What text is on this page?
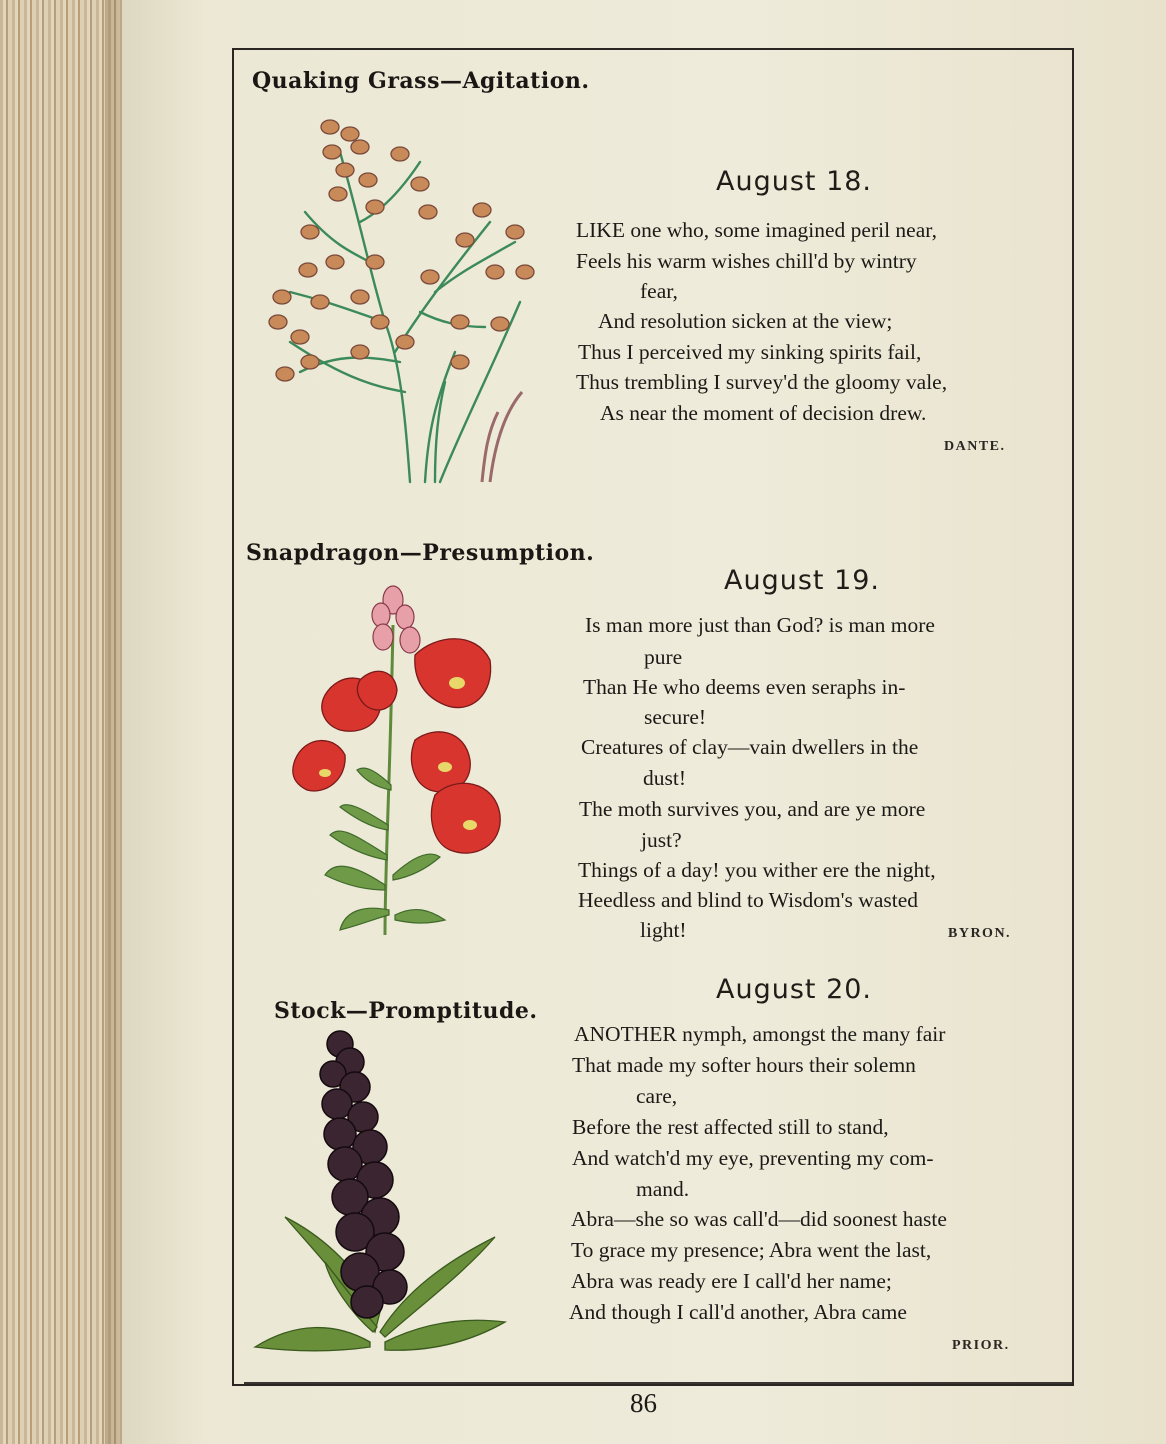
Quaking Grass—Agitation.
August 18.
LIKE one who, some imagined peril near,
Feels his warm wishes chill'd by wintry
fear,
And resolution sicken at the view;
Thus I perceived my sinking spirits fail,
Thus trembling I survey'd the gloomy vale,
As near the moment of decision drew.
DANTE.
Snapdragon—Presumption.
August 19.
Is man more just than God? is man more
pure
Than He who deems even seraphs in-
secure!
Creatures of clay—vain dwellers in the
dust!
The moth survives you, and are ye more
just?
Things of a day! you wither ere the night,
Heedless and blind to Wisdom's wasted
light!	BYRON.
Stock—Promptitude.
August 20.
ANOTHER nymph, amongst the many fair
That made my softer hours their solemn
care,
Before the rest affected still to stand,
And watch'd my eye, preventing my com-
mand.
Abra—she so was call'd—did soonest haste
To grace my presence; Abra went the last,
Abra was ready ere I call'd her name;
And though I call'd another, Abra came
PRIOR.
86
